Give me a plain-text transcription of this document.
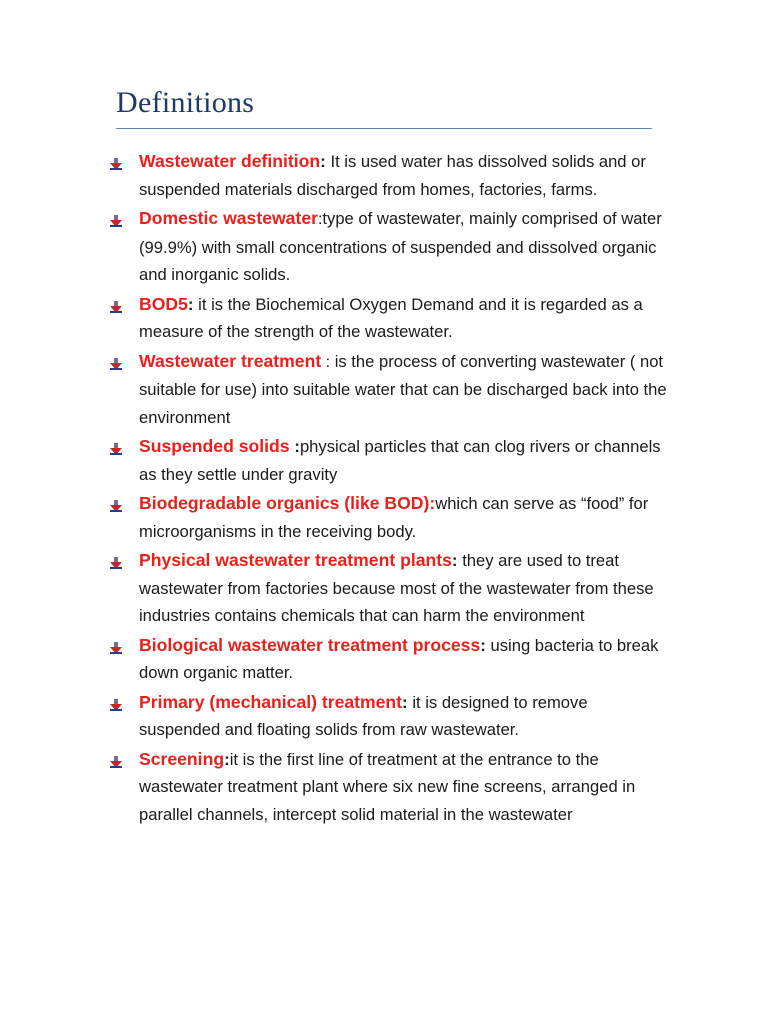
Definitions
Wastewater definition: It is used water has dissolved solids and or suspended materials discharged from homes, factories, farms.
Domestic wastewater:type of wastewater, mainly comprised of water (99.9%) with small concentrations of suspended and dissolved organic and inorganic solids.
BOD5: it is the Biochemical Oxygen Demand and it is regarded as a measure of the strength of the wastewater.
Wastewater treatment : is the process of converting wastewater ( not suitable for use) into suitable water that can be discharged back into the environment
Suspended solids :physical particles that can clog rivers or channels as they settle under gravity
Biodegradable organics (like BOD):which can serve as “food” for microorganisms in the receiving body.
Physical wastewater treatment plants: they are used to treat wastewater from factories because most of the wastewater from these industries contains chemicals that can harm the environment
Biological wastewater treatment process: using bacteria to break down organic matter.
Primary (mechanical) treatment: it is designed to remove suspended and floating solids from raw wastewater.
Screening:it is the first line of treatment at the entrance to the wastewater treatment plant where six new fine screens, arranged in parallel channels, intercept solid material in the wastewater
